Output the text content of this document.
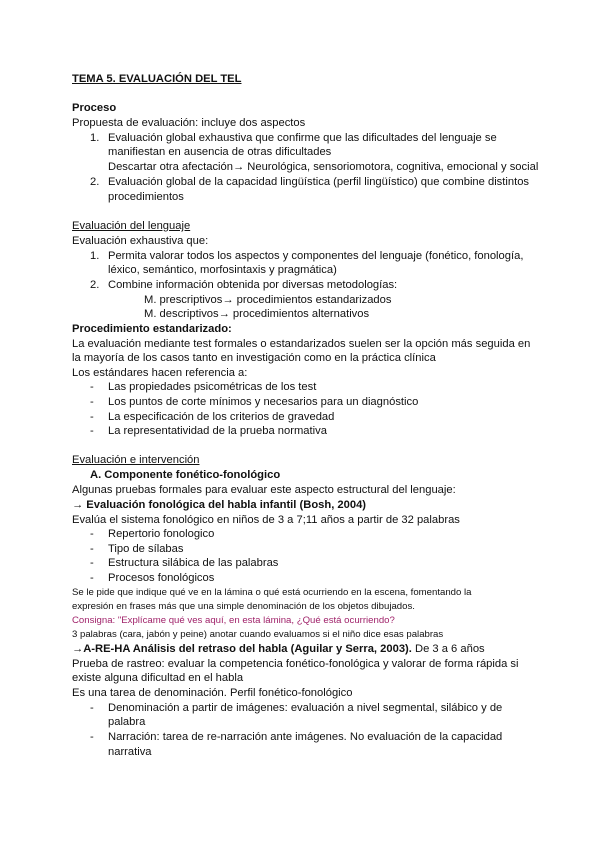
TEMA 5. EVALUACIÓN DEL TEL
Proceso
Propuesta de evaluación: incluye dos aspectos
1. Evaluación global exhaustiva que confirme que las dificultades del lenguaje se
manifiestan en ausencia de otras dificultades
Descartar otra afectación→ Neurológica, sensoriomotora, cognitiva, emocional y social
2. Evaluación global de la capacidad lingüística (perfil lingüístico) que combine distintos
procedimientos
Evaluación del lenguaje
Evaluación exhaustiva que:
1. Permita valorar todos los aspectos y componentes del lenguaje (fonético, fonología,
léxico, semántico, morfosintaxis y pragmática)
2. Combine información obtenida por diversas metodologías:
M. prescriptivos→ procedimientos estandarizados
M. descriptivos→ procedimientos alternativos
Procedimiento estandarizado:
La evaluación mediante test formales o estandarizados suelen ser la opción más seguida en
la mayoría de los casos tanto en investigación como en la práctica clínica
Los estándares hacen referencia a:
- Las propiedades psicométricas de los test
- Los puntos de corte mínimos y necesarios para un diagnóstico
- La especificación de los criterios de gravedad
- La representatividad de la prueba normativa
Evaluación e intervención
A. Componente fonético-fonológico
Algunas pruebas formales para evaluar este aspecto estructural del lenguaje:
→ Evaluación fonológica del habla infantil (Bosh, 2004)
Evalúa el sistema fonológico en niños de 3 a 7;11 años a partir de 32 palabras
- Repertorio fonologico
- Tipo de sílabas
- Estructura silábica de las palabras
- Procesos fonológicos
Se le pide que indique qué ve en la lámina o qué está ocurriendo en la escena, fomentando la
expresión en frases más que una simple denominación de los objetos dibujados.
Consigna: "Explícame qué ves aquí, en esta lámina, ¿Qué está ocurriendo?
3 palabras (cara, jabón y peine) anotar cuando evaluamos si el niño dice esas palabras
→A-RE-HA Análisis del retraso del habla (Aguilar y Serra, 2003). De 3 a 6 años
Prueba de rastreo: evaluar la competencia fonético-fonológica y valorar de forma rápida si
existe alguna dificultad en el habla
Es una tarea de denominación. Perfil fonético-fonológico
- Denominación a partir de imágenes: evaluación a nivel segmental, silábico y de
palabra
- Narración: tarea de re-narración ante imágenes. No evaluación de la capacidad
narrativa
